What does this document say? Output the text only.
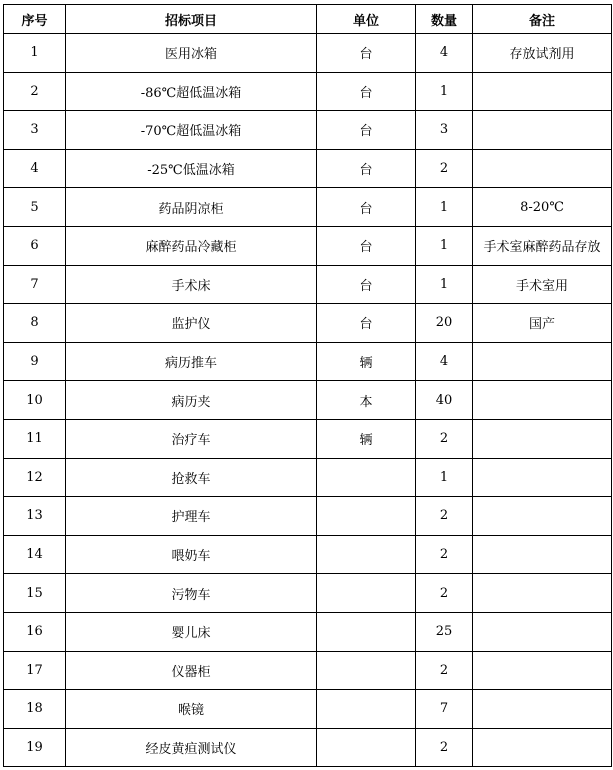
序号	招标项目	单位	数量	备注
1	医用冰箱	台	4	存放试剂用
2	-86℃超低温冰箱	台	1	
3	-70℃超低温冰箱	台	3	
4	-25℃低温冰箱	台	2	
5	药品阴凉柜	台	1	8-20℃
6	麻醉药品冷藏柜	台	1	手术室麻醉药品存放
7	手术床	台	1	手术室用
8	监护仪	台	20	国产
9	病历推车	辆	4	
10	病历夹	本	40	
11	治疗车	辆	2	
12	抢救车		1	
13	护理车		2	
14	喂奶车		2	
15	污物车		2	
16	婴儿床		25	
17	仪器柜		2	
18	喉镜		7	
19	经皮黄疸测试仪		2	
